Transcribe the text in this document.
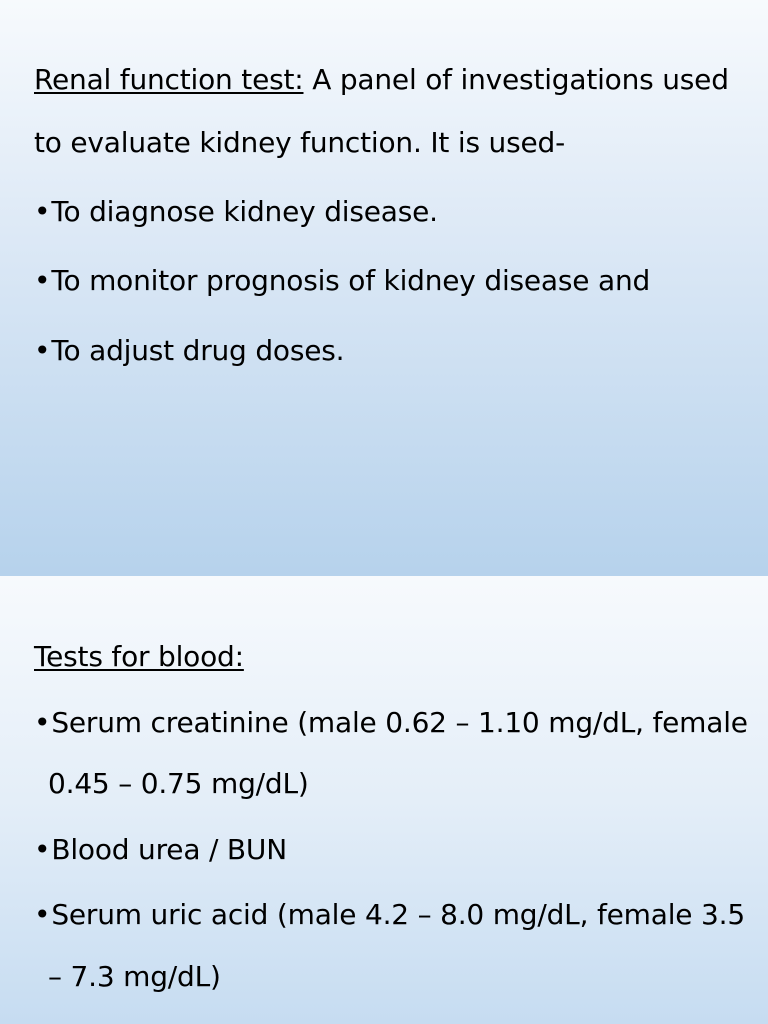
Renal function test: A panel of investigations used
to evaluate kidney function. It is used-
•To diagnose kidney disease.
•To monitor prognosis of kidney disease and
•To adjust drug doses.
Tests for blood:
•Serum creatinine (male 0.62 – 1.10 mg/dL, female
0.45 – 0.75 mg/dL)
•Blood urea / BUN
•Serum uric acid (male 4.2 – 8.0 mg/dL, female 3.5
– 7.3 mg/dL)
